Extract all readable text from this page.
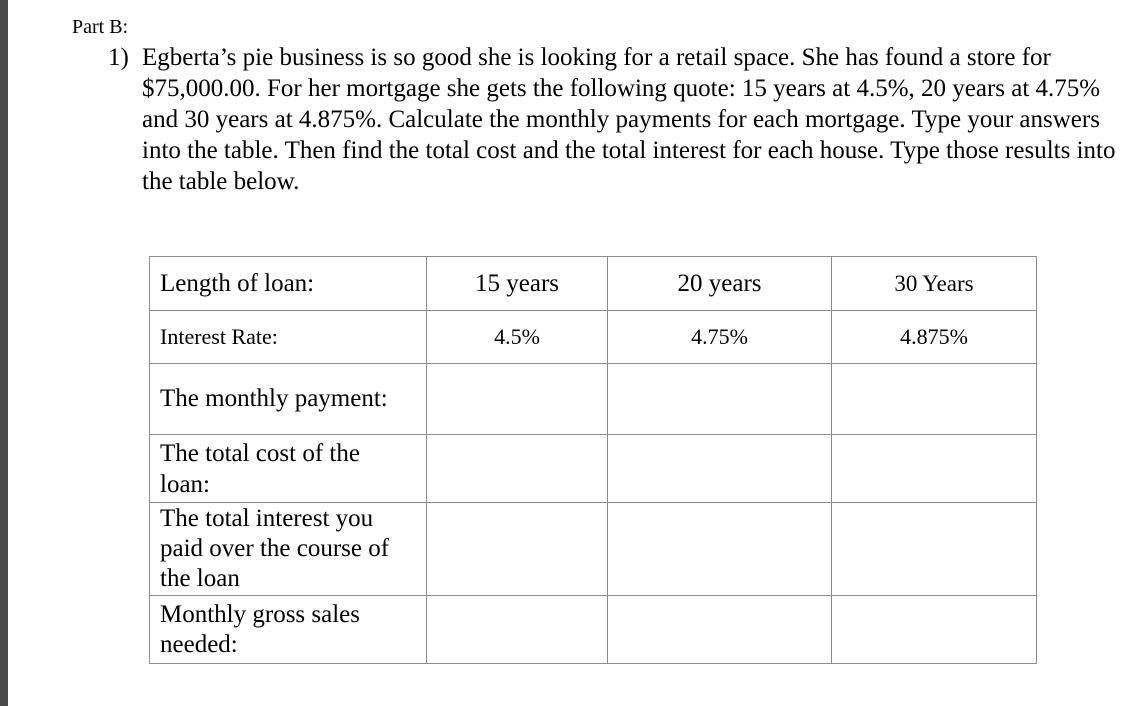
Part B:
1) Egberta’s pie business is so good she is looking for a retail space. She has found a store for $75,000.00. For her mortgage she gets the following quote: 15 years at 4.5%, 20 years at 4.75% and 30 years at 4.875%. Calculate the monthly payments for each mortgage. Type your answers into the table. Then find the total cost and the total interest for each house. Type those results into the table below.
Length of loan:	15 years	20 years	30 Years
Interest Rate:	4.5%	4.75%	4.875%
The monthly payment:			
The total cost of the loan:			
The total interest you paid over the course of the loan			
Monthly gross sales needed:			
